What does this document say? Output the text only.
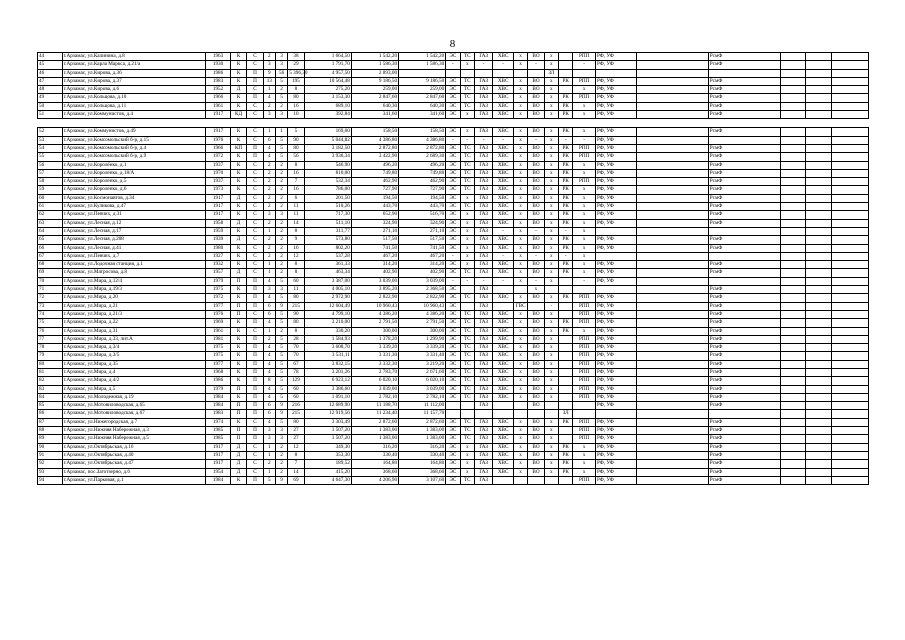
8
44	г.Арзамас, ул.Калинина, д.8	1963	К	С	2	3	38	1 664,50	1 542,20	1 542,20	ЭС	ТС	ГАЗ	ХВС	х	ВО	х		РПП	РФ, УФ		РсмФ			
45	г.Арзамас, ул.Карла Маркса, д.21/а	1930	К	С	3	3	29	1 791,70	1 586,30	1 586,30	-	х	-	-	х	-	х		-	РФ, УФ		РсмФ			
46	г.Арзамас, ул.Кирова, д.36	1986	К	П	9	56	5 396,30	4 957,50	2 893,00								ЗЛ								
47	г.Арзамас, ул.Кирова, д.37	1983	К	П	13	5	195	10 564,48	9 186,50	9 186,50	ЭС	ТС	ГАЗ	ХВС	х	ВО	х	РК	РПП	РФ, УФ		РсмФ			
48	г.Арзамас, ул.Кирова, д.6	1952	Д	С	1	2	8	275,20	259,00	259,00	ЭС	ТС	ГАЗ	ХВС	х	ВО	х		х	РФ, УФ		РсмФ			
49	г.Арзамас, ул.Кольцова, д.10	1966	К	П	4	5	80	3 153,30	2 847,60	2 847,60	ЭС	ТС	ГАЗ	ХВС	х	ВО	х	РК	РПП	РФ, УФ		РсмФ			
50	г.Арзамас, ул.Кольцова, д.11	1961	К	С	2	2	16	689,10	640,30	640,30	ЭС	ТС	ГАЗ	ХВС	х	ВО	х	РК	х	РФ, УФ		РсмФ			
51	г.Арзамас, ул.Коммунистов, д.4	1917	КД	С	3	3	10	392,84	341,60	341,60	ЭС	х	ГАЗ	ХВС	х	ВО	х	РК	х	РФ, УФ		РсмФ			

52	г.Арзамас, ул.Коммунистов, д.49	1917	К	С	1	1	5	169,60	158,50	158,50	ЭС	х	ГАЗ	ХВС	х	ВО	х	РК	х	РФ, УФ		РсмФ			
53	г.Арзамас, ул.Комсомольский б-р, д.15	1976	К	С	6	5	90	5 044,82	4 386,80	4 386,80	-	-	-	-	х	-	х	-	-	РФ, УФ					
54	г.Арзамас, ул.Комсомольский б-р, д.4	1966	КП	П	4	5	80	3 182,50	2 872,80	2 872,80	ЭС	ТС	ГАЗ	ХВС	х	ВО	х	РК	РПП	РФ, УФ		РсмФ			
55	г.Арзамас, ул.Комсомольский б-р, д.9	1972	К	П	4	5	56	3 936,34	3 422,90	2 689,30	ЭС	ТС	ГАЗ	ХВС	х	ВО	х	РК	РПП	РФ, УФ		РсмФ			
56	г.Арзамас, ул.Королёнко, д.1	1937	К	С	2	2	8	546,90	496,20	496,20	ЭС	ТС	ГАЗ	ХВС	х	ВО	х	РК	х	РФ, УФ		РсмФ			
57	г.Арзамас, ул.Короленко, д.18/А	1970	К	С	2	2	16	810,00	749,80	749,80	ЭС	ТС	ГАЗ	ХВС	х	ВО	х	РК	х	РФ, УФ		РсмФ			
58	г.Арзамас, ул.Короленко, д.5	1937	К	С	2	2	7	532,34	462,90	462,90	ЭС	ТС	ГАЗ	ХВС	х	ВО	х	РК	РПП	РФ, УФ		РсмФ			
59	г.Арзамас, ул.Короленко, д.6	1973	К	С	2	2	16	786,00	727,90	727,90	ЭС	ТС	ГАЗ	ХВС	х	ВО	х	РК	х	РФ, УФ		РсмФ			
60	г.Арзамас, ул.Космонавтов, д.34	1917	Д	С	2	2	6	201,50	194,50	194,50	ЭС	х	ГАЗ	ХВС	х	ВО	х	РК	х	РФ, УФ		РсмФ			
61	г.Арзамас, ул.Куликова, д.47	1917	К	С	2	2	11	510,26	443,70	443,70	ЭС	ТС	ГАЗ	ХВС	х	ВО	х	РК	х	РФ, УФ		РсмФ			
62	г.Арзамас, ул.Певчих, д.31	1917	К	С	3	3	11	717,30	652,90	516,70	ЭС	х	ГАЗ	ХВС	х	ВО	х	РК	х	РФ, УФ		РсмФ			
63	г.Арзамас, ул.Лесная, д.12	1958	Д	С	2	2	14	511,10	324,90	324,90	ЭС	х	ГАЗ	ХВС	х	ВО	х	РК	х	РФ, УФ		РсмФ			
64	г.Арзамас, ул.Лесная, д.17	1959	К	С	1	2	8	311,77	271,10	271,10	ЭС	х	ГАЗ	-	х	-	х	-	х						
65	г.Арзамас, ул.Лесная, д.208	1939	Д	С	2	2	9	573,80	517,50	517,50	ЭС	х	ГАЗ	ХВС	х	ВО	х	РК	х	РФ, УФ		РсмФ			
66	г.Арзамас, ул.Лесная, д.41	1980	К	С	2	2	16	802,20	741,50	741,50	ЭС	х	ГАЗ	ХВС	х	ВО	х	РК	х	РФ, УФ		РсмФ			
67	г.Арзамас, ул.Певчих, д.7	1927	К	С	2	2	12	537,28	467,20	467,20	-	х	ГАЗ	-	х	-	х	-	х						
68	г.Арзамас, ул.Лодочная станция, д.1	1932	К	С	1	2	8	361,33	314,20	314,20	ЭС	х	ГАЗ	ХВС	х	ВО	х	РК	х	РФ, УФ		РсмФ			
69	г.Арзамас, ул.Матросова, д.8	1957	Д	С	1	2	8	463,34	402,90	402,90	ЭС	ТС	ГАЗ	ХВС	х	ВО	х	РК	х	РФ, УФ		РсмФ			
70	г.Арзамас, ул.Мира, д.12/4	1979	П	П	4	5	60	3 387,00	3 039,00	3 039,00	-	-	-	-	х	-	х		-	РФ, УФ					
71	г.Арзамас, ул.Мира, д.19/3	1975	К	П	3	3	11	4 005,10	3 895,20	2 368,50	ЭС		ГАЗ			х						РсмФ			
72	г.Арзамас, ул.Мира, д.20	1972	К	П	4	5	80	2 972,90	2 822,90	2 822,90	ЭС	ТС	ГАЗ	ХВС	х	ВО	х	РК	РПП	РФ, УФ		РсмФ			
73	г.Арзамас, ул.Мира, д.21	1977	П	П	6	9	215	12 604,49	10 960,43	10 960,43	ЭС		ГАЗ		ГВС		-		РПП	РФ, УФ		РсмФ			
74	г.Арзамас, ул.Мира, д.21/3	1976	П	С	6	5	90	4 799,10	4 386,20	4 386,20	ЭС	ТС	ГАЗ	ХВС	х	ВО	х		РПП	РФ, УФ		РсмФ			
75	г.Арзамас, ул.Мира, д.22	1969	К	П	4	5	80	3 210,00	2 791,50	2 791,50	ЭС	ТС	ГАЗ	ХВС	х	ВО	х	РК	РПП	РФ, УФ		РсмФ			
76	г.Арзамас, ул.Мира, д.31	1961	К	С	1	2	8	330,20	300,00	300,00	ЭС	ТС	ГАЗ	ХВС	х	ВО	х	РК	х	РФ, УФ		РсмФ			
77	г.Арзамас, ул.Мира, д.33, лит.А	1981	К	П	2	5	28	1 584,93	1 378,20	1 299,90	ЭС	ТС	ГАЗ	ХВС	х	ВО	х		РПП	РФ, УФ		РсмФ			
78	г.Арзамас, ул.Мира, д.3/4	1975	К	П	4	5	70	3 608,70	3 339,20	3 339,20	ЭС	ТС	ГАЗ	ХВС	х	ВО	х		РПП	РФ, УФ		РсмФ			
79	г.Арзамас, ул.Мира, д.3/5	1975	К	П	4	5	70	3 531,11	3 331,30	3 331,40	ЭС	ТС	ГАЗ	ХВС	х	ВО	х		РПП	РФ, УФ		РсмФ			
80	г.Арзамас, ул.Мира, д.35	1977	К	П	4	5	67	3 832,15	3 332,30	3 219,20	ЭС	ТС	ГАЗ	ХВС	х	ВО	х		РПП	РФ, УФ		РсмФ			
81	г.Арзамас, ул.Мира, д.4	1968	К	П	4	5	78	3 201,26	2 783,70	2 671,60	ЭС	ТС	ГАЗ	ХВС	х	ВО	х		РПП	РФ, УФ		РсмФ			
82	г.Арзамас, ул.Мира, д.4/2	1986	К	П	8	5	129	6 923,12	6 020,10	6 020,10	ЭС	ТС	ГАЗ	ХВС	х	ВО	х		РПП	РФ, УФ		РсмФ			
83	г.Арзамас, ул.Мира, д.5	1979	П	П	4	5	60	3 386,60	3 039,00	3 039,00	ЭС	ТС	ГАЗ	ХВС	х	ВО	х		РПП	РФ, УФ		РсмФ			
84	г.Арзамас, ул.Молодежная, д.19	1984	К	П	4	5	60	1 091,10	2 782,10	2 782,10	ЭС	ТС	ГАЗ	ХВС	х	ВО	х		РПП	РФ, УФ		РсмФ			
85	г.Арзамас, ул.Мотовиловодская, д.65	1984	П	П	6	9	216	12 689,90	11 188,70	11 112,00			ГАЗ			ВО				РФ, УФ		РсмФ			
86	г.Арзамас, ул.Мотовиловодская, д.67	1983	П	П	6	9	215	12 919,56	11 234,40	11 157,70								ЗЛ							
87	г.Арзамас, ул.Нижегородская, д.7	1974	К	С	4	5	80	3 303,49	2 872,60	2 872,60	ЭС	ТС	ГАЗ	ХВС	х	ВО	х	РК	РПП	РФ, УФ		РсмФ			
88	г.Арзамас, ул.Нижняя Набережная, д.3	1985	П	П	3	3	27	1 507,20	1 383,00	1 383,00	ЭС	ТС	ГАЗ	ХВС	х	ВО	х		РПП	РФ, УФ		РсмФ			
89	г.Арзамас, ул.Нижняя Набережная, д.5	1985	П	П	3	3	27	1 507,20	1 383,00	1 383,00	ЭС	ТС	ГАЗ	ХВС	х	ВО	х		РПП	РФ, УФ		РсмФ			
90	г.Арзамас, ул.Октябрьская, д.16	1917	Д	С	1	2	12	349,30	316,20	316,20	ЭС	х	ГАЗ	ХВС	х	ВО	х	РК	х	РФ, УФ		РсмФ			
91	г.Арзамас, ул.Октябрьская, д.40	1917	Д	С	1	2	8	353,30	330,40	330,40	ЭС	х	ГАЗ	ХВС	х	ВО	х	РК	х	РФ, УФ		РсмФ			
92	г.Арзамас, ул.Октябрьская, д.47	1917	Д	С	2	2	7	189,52	164,80	164,80	ЭС	х	ГАЗ	ХВС	х	ВО	х	РК	х	РФ, УФ		РсмФ			
93	г.Арзамас, пос.Заготзерно, д.6	1954	Д	С	1	2	14	415,20	368,60	368,60	ЭС	х	ГАЗ	ХВС	х	ВО	х	РК	х	РФ, УФ		РсмФ			
94	г.Арзамас, ул.Парковая, д.1	1984	К	П	5	9	69	4 647,30	4 206,90	3 107,60	ЭС	ТС	ГАЗ						РПП	РФ, УФ		РсмФ			
